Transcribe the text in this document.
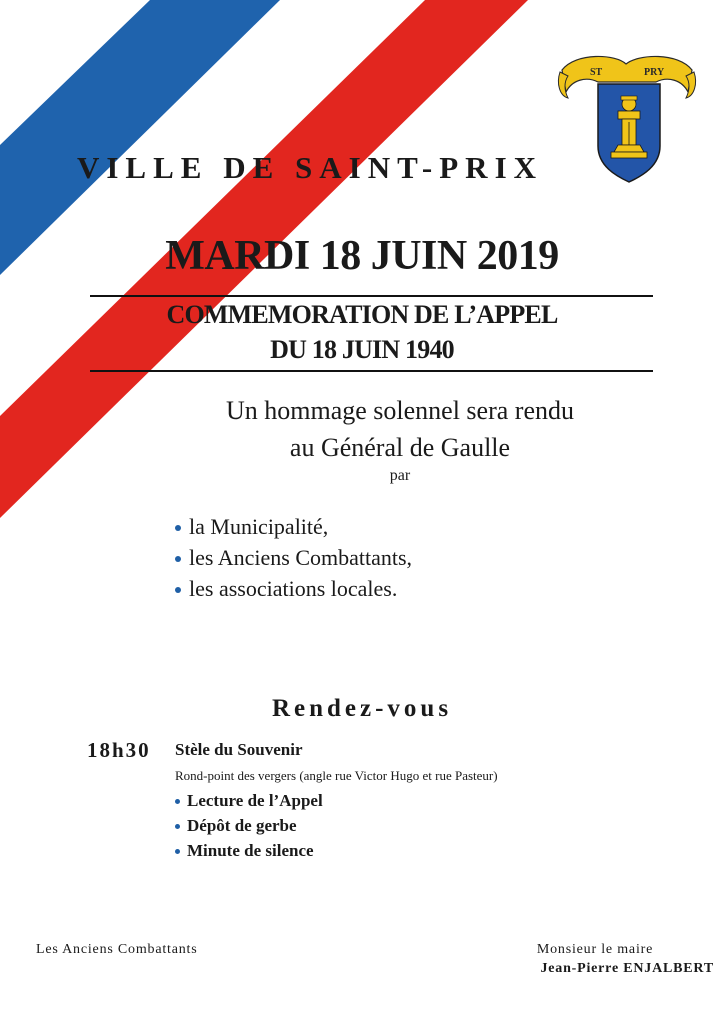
ST	PRY
VILLE DE SAINT-PRIX
MARDI 18 JUIN 2019
COMMEMORATION DE L’APPEL
DU 18 JUIN 1940
Un hommage solennel sera rendu
au Général de Gaulle
par
la Municipalité,
les Anciens Combattants,
les associations locales.
Rendez-vous
18h30 Stèle du Souvenir
Rond-point des vergers (angle rue Victor Hugo et rue Pasteur)
Lecture de l’Appel
Dépôt de gerbe
Minute de silence
Les Anciens Combattants	Monsieur le maire
Jean-Pierre ENJALBERT
